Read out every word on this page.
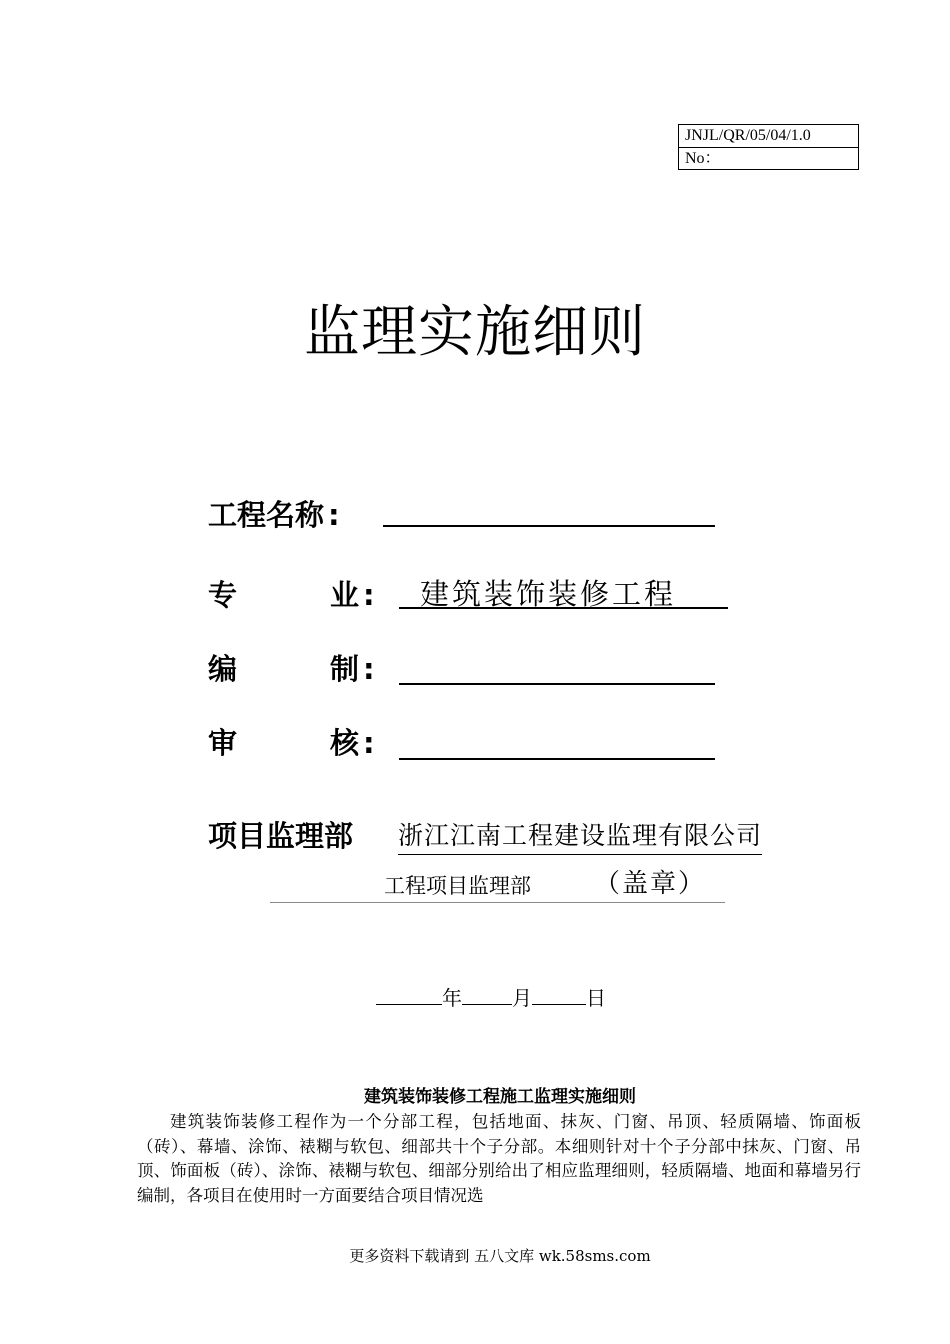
JNJL/QR/05/04/1.0
No：
监理实施细则
工程名称 :
专	业 : 建筑装饰装修工程
编	制 :
审	核 :
项目监理部 浙江江南工程建设监理有限公司
工程项目监理部 （盖章）
年	月	日
建筑装饰装修工程施工监理实施细则

建筑装饰装修工程作为一个分部工程，包括地面、抹灰、门窗、吊顶、轻质隔墙、饰面板（砖）、幕墙、涂饰、裱糊与软包、细部共十个子分部。本细则针对十个子分部中抹灰、门窗、吊顶、饰面板（砖）、涂饰、裱糊与软包、细部分别给出了相应监理细则，轻质隔墙、地面和幕墙另行编制，各项目在使用时一方面要结合项目情况选

更多资料下载请到 五八文库 wk.58sms.com
